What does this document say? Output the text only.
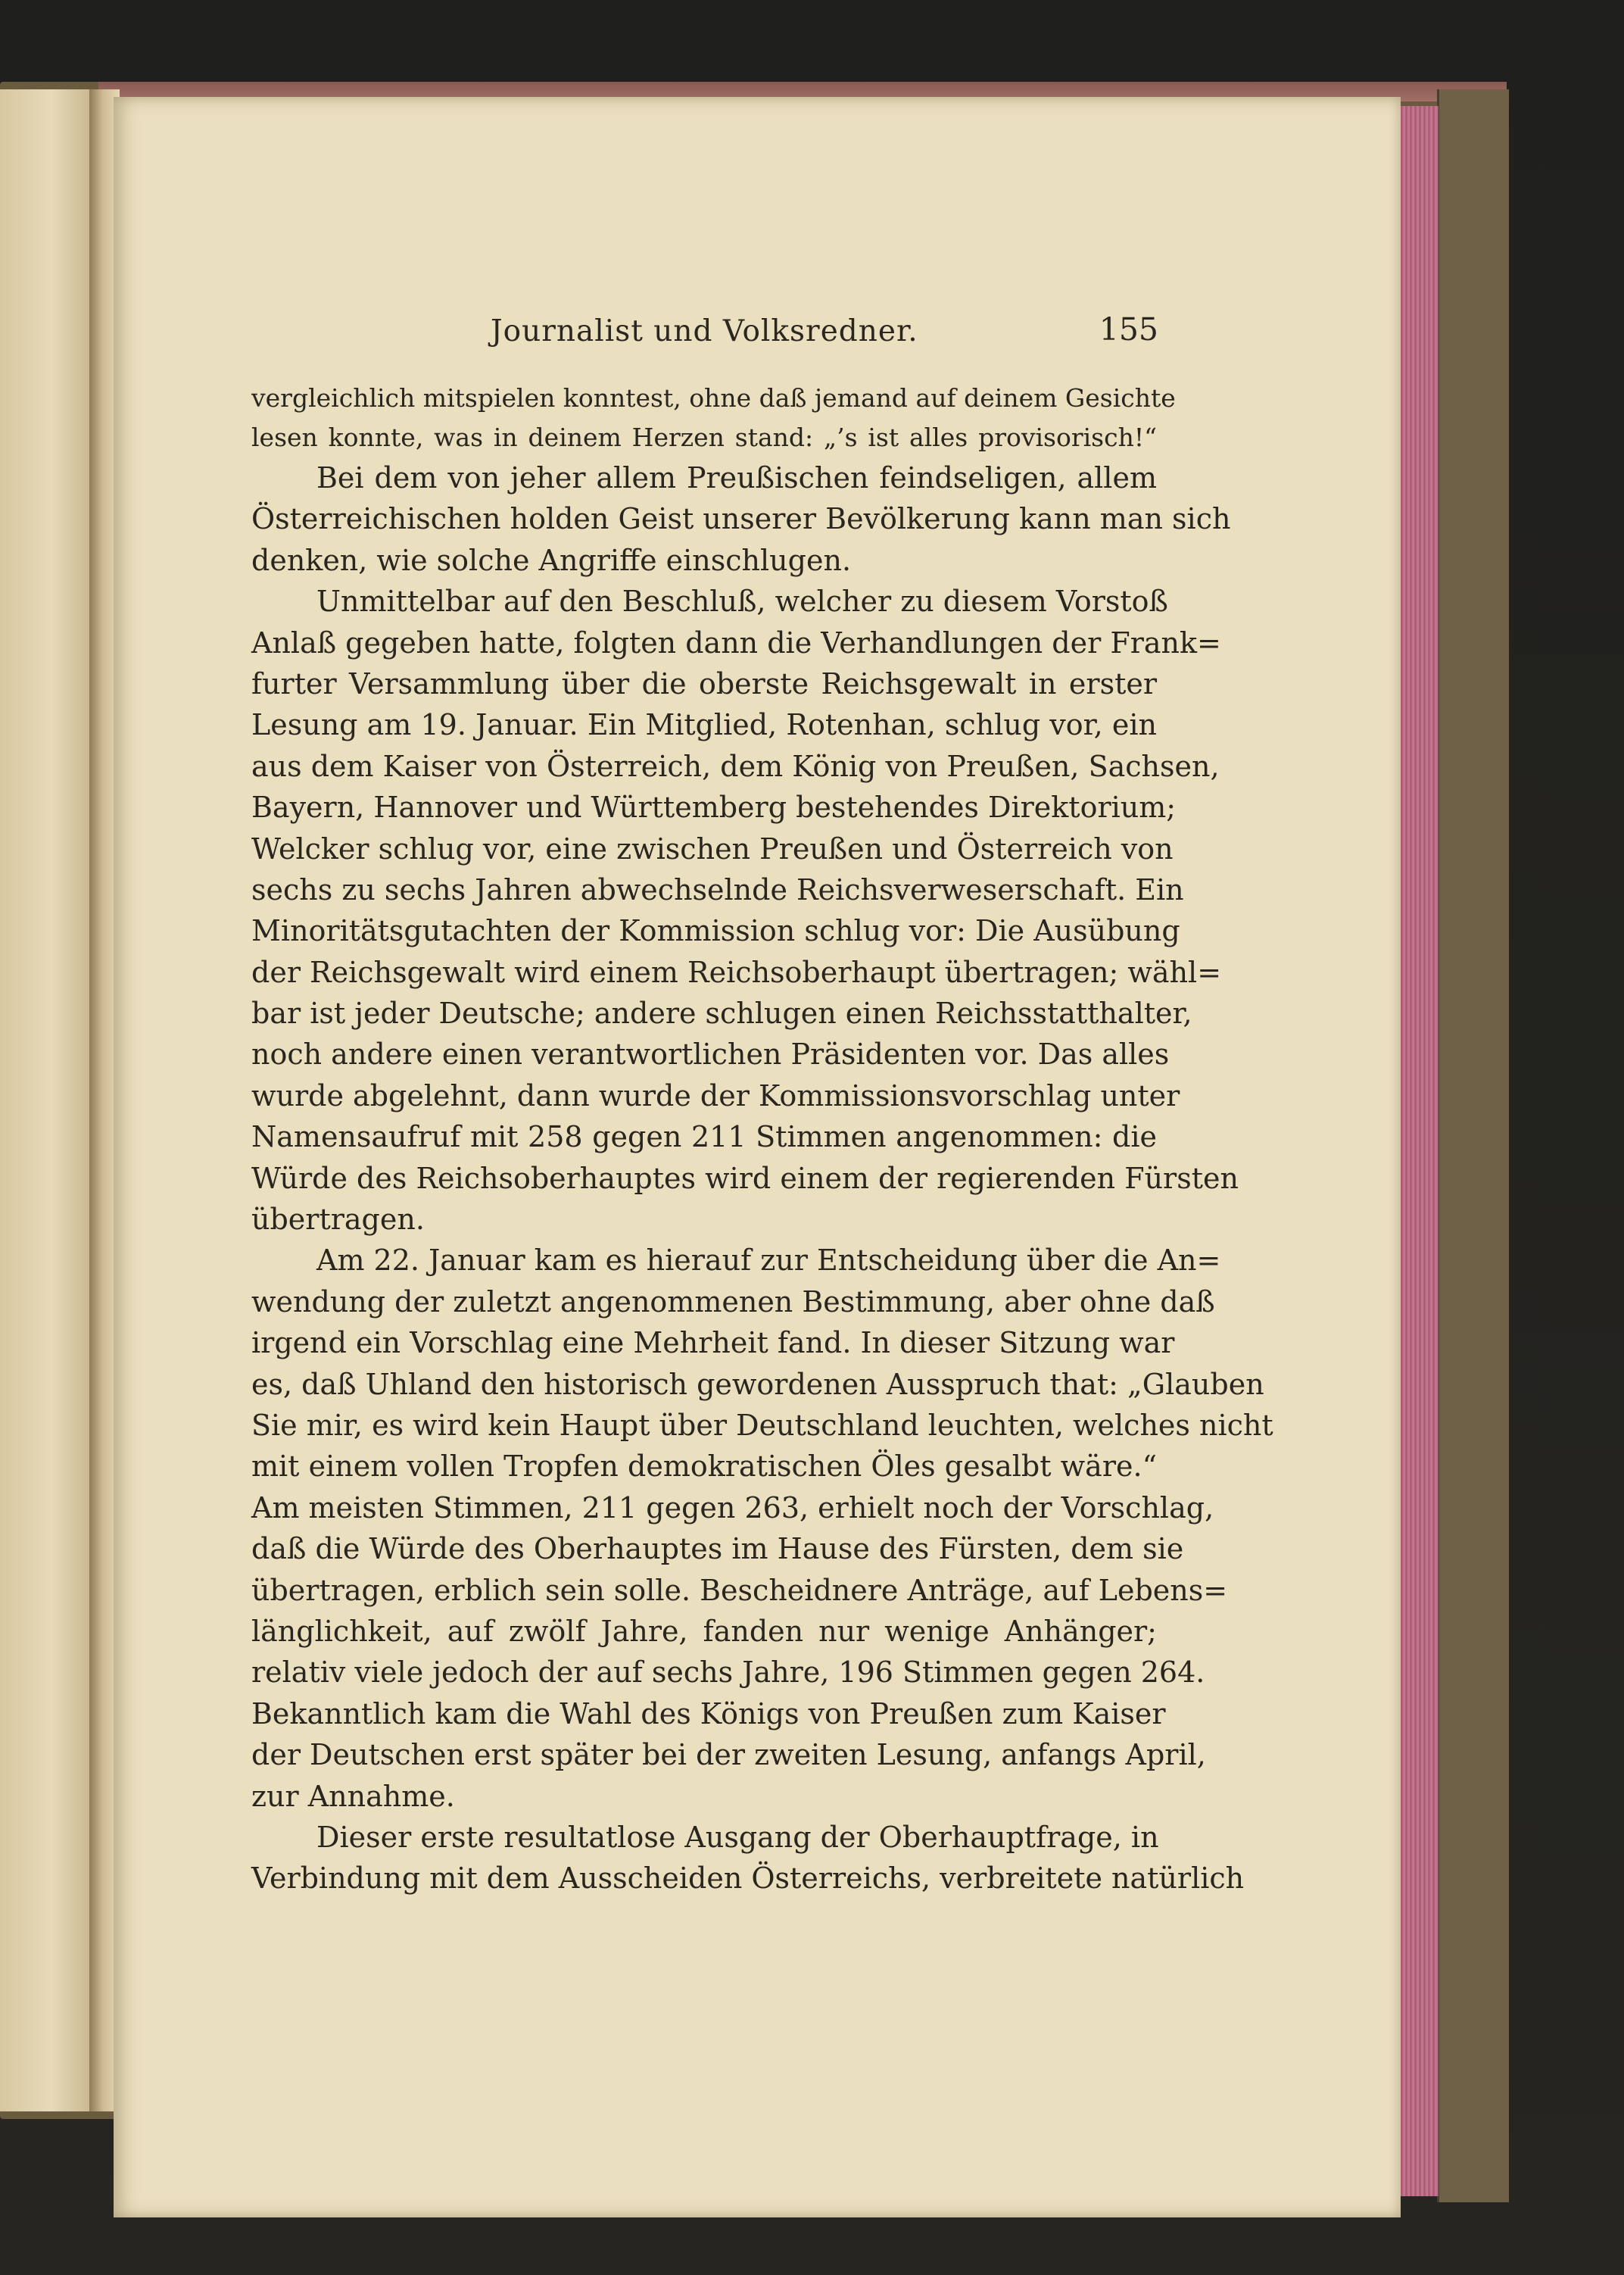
Journalist und Volksredner.	155
vergleichlich mitspielen konntest, ohne daß jemand auf deinem Gesichte
lesen konnte, was in deinem Herzen stand: „’s ist alles provisorisch!“
Bei dem von jeher allem Preußischen feindseligen, allem
Österreichischen holden Geist unserer Bevölkerung kann man sich
denken, wie solche Angriffe einschlugen.
Unmittelbar auf den Beschluß, welcher zu diesem Vorstoß
Anlaß gegeben hatte, folgten dann die Verhandlungen der Frank=
furter Versammlung über die oberste Reichsgewalt in erster
Lesung am 19. Januar. Ein Mitglied, Rotenhan, schlug vor, ein
aus dem Kaiser von Österreich, dem König von Preußen, Sachsen,
Bayern, Hannover und Württemberg bestehendes Direktorium;
Welcker schlug vor, eine zwischen Preußen und Österreich von
sechs zu sechs Jahren abwechselnde Reichsverweserschaft. Ein
Minoritätsgutachten der Kommission schlug vor: Die Ausübung
der Reichsgewalt wird einem Reichsoberhaupt übertragen; wähl=
bar ist jeder Deutsche; andere schlugen einen Reichsstatthalter,
noch andere einen verantwortlichen Präsidenten vor. Das alles
wurde abgelehnt, dann wurde der Kommissionsvorschlag unter
Namensaufruf mit 258 gegen 211 Stimmen angenommen: die
Würde des Reichsoberhauptes wird einem der regierenden Fürsten
übertragen.
Am 22. Januar kam es hierauf zur Entscheidung über die An=
wendung der zuletzt angenommenen Bestimmung, aber ohne daß
irgend ein Vorschlag eine Mehrheit fand. In dieser Sitzung war
es, daß Uhland den historisch gewordenen Ausspruch that: „Glauben
Sie mir, es wird kein Haupt über Deutschland leuchten, welches nicht
mit einem vollen Tropfen demokratischen Öles gesalbt wäre.“
Am meisten Stimmen, 211 gegen 263, erhielt noch der Vorschlag,
daß die Würde des Oberhauptes im Hause des Fürsten, dem sie
übertragen, erblich sein solle. Bescheidnere Anträge, auf Lebens=
länglichkeit, auf zwölf Jahre, fanden nur wenige Anhänger;
relativ viele jedoch der auf sechs Jahre, 196 Stimmen gegen 264.
Bekanntlich kam die Wahl des Königs von Preußen zum Kaiser
der Deutschen erst später bei der zweiten Lesung, anfangs April,
zur Annahme.
Dieser erste resultatlose Ausgang der Oberhauptfrage, in
Verbindung mit dem Ausscheiden Österreichs, verbreitete natürlich
